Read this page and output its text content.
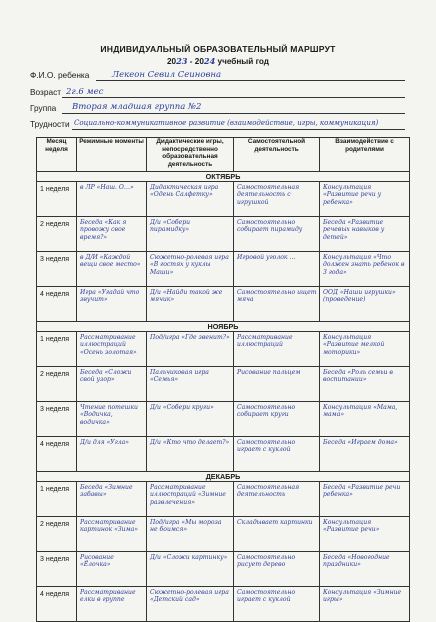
ИНДИВИДУАЛЬНЫЙ ОБРАЗОВАТЕЛЬНЫЙ МАРШРУТ
2023 - 2024 учебный год
Ф.И.О. ребенка	Лекеон Севил Сеиновна
Возраст 2г.6 мес
Группа Вторая младшая группа №2
Трудности Социально-коммуникативное развитие (взаимодействие, игры, коммуникация)
Месяц неделя	Режимные моменты	Дидактические игры, непосредственно образовательная деятельность	Самостоятельной деятельность	Взаимодействие с родителями
ОКТЯБРЬ				
1 неделя	в ЛР «Наш. О…»	Дидактическая игра «Одень Салфетку»	Самостоятельная деятельность с игрушкой	Консультация «Развитие речи у ребенка»
2 неделя	Беседа «Как я провожу свое время?»	Д/и «Собери пирамидку»	Самостоятельно собирает пирамиду	Беседа «Развитие речевых навыков у детей»
3 неделя	в Д/И «Каждой вещи свое место»	Сюжетно-ролевая игра «В гостях у куклы Маши»	Игровой уголок …	Консультация «Что должен знать ребенок в 3 года»
4 неделя	Игра «Угадай что звучит»	Д/и «Найди такой же мячик»	Самостоятельно ищет мяча	ООД «Наши игрушки» (проведение)
НОЯБРЬ				
1 неделя	Рассматривание иллюстраций «Осень золотая»	Под/игра «Где звенит?»	Рассматривание иллюстраций	Консультация «Развитие мелкой моторики»
2 неделя	Беседа «Сложи свой узор»	Пальчиковая игра «Семья»	Рисование пальцем	Беседа «Роль семьи в воспитании»
3 неделя	Чтение потешки «Водичка, водичка»	Д/и «Собери круги»	Самостоятельно собирает круги	Консультация «Мама, мама»
4 неделя	Д/и для «Угла»	Д/и «Кто что делает?»	Самостоятельно играет с куклой	Беседа «Играем дома»
ДЕКАБРЬ				
1 неделя	Беседа «Зимние забавы»	Рассматривание иллюстраций «Зимние развлечения»	Самостоятельная деятельность	Беседа «Развитие речи ребенка»
2 неделя	Рассматривание картинок «Зима»	Под/игра «Мы мороза не боимся»	Складывает картинки	Консультация «Развитие речи»
3 неделя	Рисование «Ёлочка»	Д/и «Сложи картинку»	Самостоятельно рисует дерево	Беседа «Новогодние праздники»
4 неделя	Рассматривание елки в группе	Сюжетно-ролевая игра «Детский сад»	Самостоятельно играет с куклой	Консультация «Зимние игры»
